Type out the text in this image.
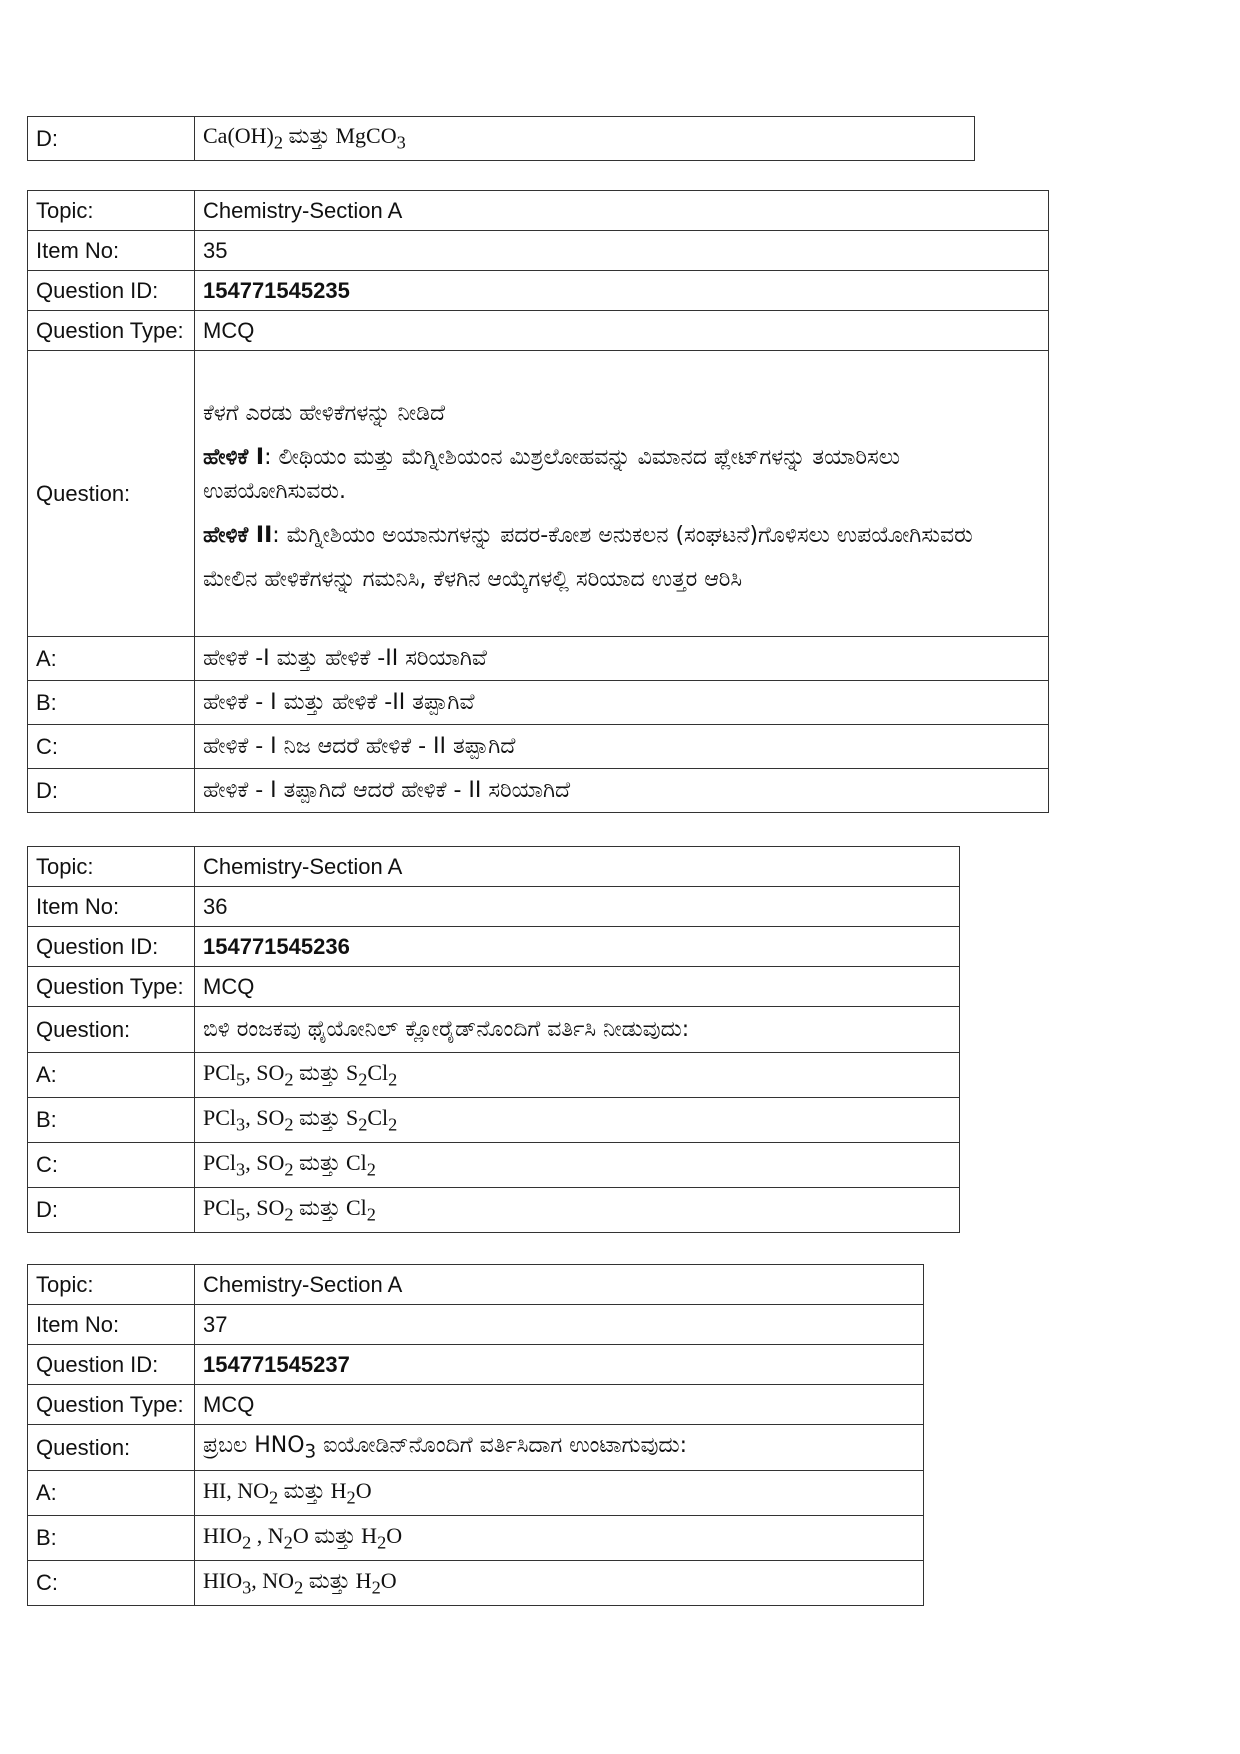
D:	$Ca(OH)_2$ ಮತ್ತು MgCO$_3$
Topic:	Chemistry-Section A
Item No:	35
Question ID:	154771545235
Question Type:	MCQ
Question:	ಕೆಳಗೆ ಎರಡು ಹೇಳಿಕೆಗಳನ್ನು ನೀಡಿದೆ

ಹೇಳಿಕೆ I: ಲೀಥಿಯಂ ಮತ್ತು ಮೆಗ್ನೀಶಿಯಂನ ಮಿಶ್ರಲೋಹವನ್ನು ವಿಮಾನದ ಪ್ಲೇಟ್‌ಗಳನ್ನು ತಯಾರಿಸಲು ಉಪಯೋಗಿಸುವರು.

ಹೇಳಿಕೆ II: ಮೆಗ್ನೀಶಿಯಂ ಅಯಾನುಗಳನ್ನು ಪದರ-ಕೋಶ ಅನುಕಲನ (ಸಂಘಟನೆ)ಗೊಳಿಸಲು ಉಪಯೋಗಿಸುವರು

ಮೇಲಿನ ಹೇಳಿಕೆಗಳನ್ನು ಗಮನಿಸಿ, ಕೆಳಗಿನ ಆಯ್ಕೆಗಳಲ್ಲಿ ಸರಿಯಾದ ಉತ್ತರ ಆರಿಸಿ

A:	ಹೇಳಿಕೆ -I ಮತ್ತು ಹೇಳಿಕೆ -II ಸರಿಯಾಗಿವೆ
B:	ಹೇಳಿಕೆ - I ಮತ್ತು ಹೇಳಿಕೆ -II ತಪ್ಪಾಗಿವೆ
C:	ಹೇಳಿಕೆ - I ನಿಜ ಆದರೆ ಹೇಳಿಕೆ - II ತಪ್ಪಾಗಿದೆ
D:	ಹೇಳಿಕೆ - I ತಪ್ಪಾಗಿದೆ ಆದರೆ ಹೇಳಿಕೆ - II ಸರಿಯಾಗಿದೆ
Topic:	Chemistry-Section A
Item No:	36
Question ID:	154771545236
Question Type:	MCQ
Question:	ಬಿಳಿ ರಂಜಕವು ಥೈಯೋನಿಲ್ ಕ್ಲೋರೈಡ್‌ನೊಂದಿಗೆ ವರ್ತಿಸಿ ನೀಡುವುದು:
A:	PCl$_5$, $SO_2$ ಮತ್ತು $S_2Cl_2$
B:	PCl$_3$, $SO_2$ ಮತ್ತು $S_2Cl_2$
C:	PCl$_3$, $SO_2$ ಮತ್ತು $Cl_2$
D:	PCl$_5$, $SO_2$ ಮತ್ತು $Cl_2$
Topic:	Chemistry-Section A
Item No:	37
Question ID:	154771545237
Question Type:	MCQ
Question:	ಪ್ರಬಲ $HNO_3$ ಐಯೋಡಿನ್‌ನೊಂದಿಗೆ ವರ್ತಿಸಿದಾಗ ಉಂಟಾಗುವುದು:
A:	HI, $NO_2$ ಮತ್ತು $H_2O$
B:	$HIO_2$ , $N_2O$ ಮತ್ತು $H_2O$
C:	$HIO_3$, $NO_2$ ಮತ್ತು $H_2O$
